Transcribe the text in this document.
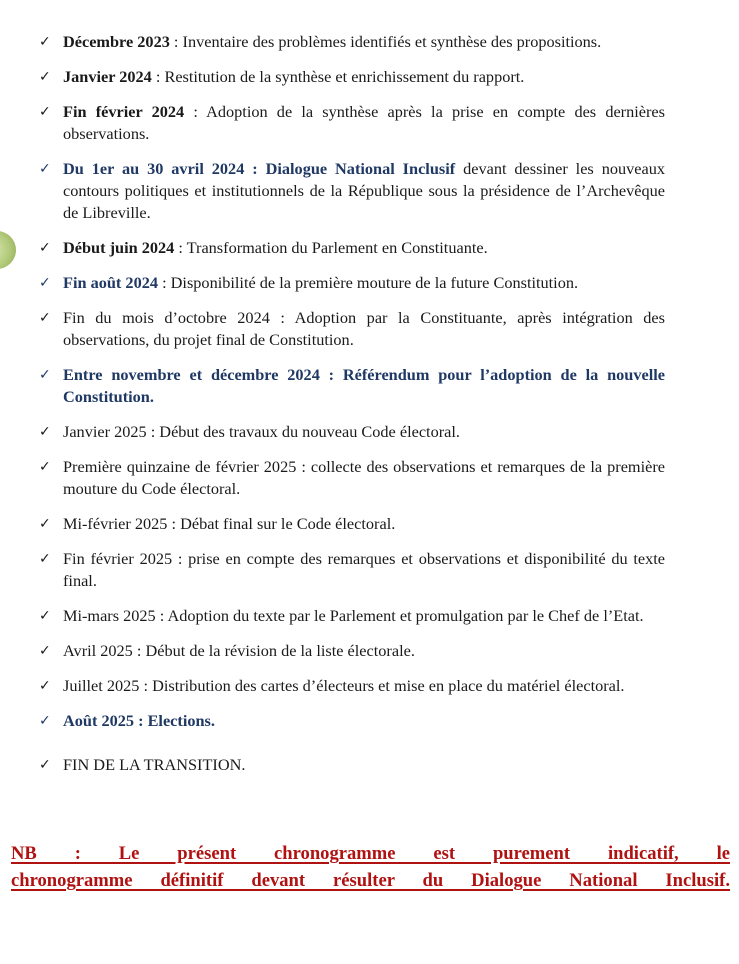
✓ Décembre 2023 : Inventaire des problèmes identifiés et synthèse des propositions.
✓ Janvier 2024 : Restitution de la synthèse et enrichissement du rapport.
✓ Fin février 2024 : Adoption de la synthèse après la prise en compte des dernières observations.
✓ Du 1er au 30 avril 2024 : Dialogue National Inclusif devant dessiner les nouveaux contours politiques et institutionnels de la République sous la présidence de l’Archevêque de Libreville.
✓ Début juin 2024 : Transformation du Parlement en Constituante.
✓ Fin août 2024 : Disponibilité de la première mouture de la future Constitution.
✓ Fin du mois d’octobre 2024 : Adoption par la Constituante, après intégration des observations, du projet final de Constitution.
✓ Entre novembre et décembre 2024 : Référendum pour l’adoption de la nouvelle Constitution.
✓ Janvier 2025 : Début des travaux du nouveau Code électoral.
✓ Première quinzaine de février 2025 : collecte des observations et remarques de la première mouture du Code électoral.
✓ Mi-février 2025 : Débat final sur le Code électoral.
✓ Fin février 2025 : prise en compte des remarques et observations et disponibilité du texte final.
✓ Mi-mars 2025 : Adoption du texte par le Parlement et promulgation par le Chef de l’Etat.
✓ Avril 2025 : Début de la révision de la liste électorale.
✓ Juillet 2025 : Distribution des cartes d’électeurs et mise en place du matériel électoral.
✓ Août 2025 : Elections.
✓ FIN DE LA TRANSITION.
NB : Le présent chronogramme est purement indicatif, le
chronogramme définitif devant résulter du Dialogue National Inclusif.
